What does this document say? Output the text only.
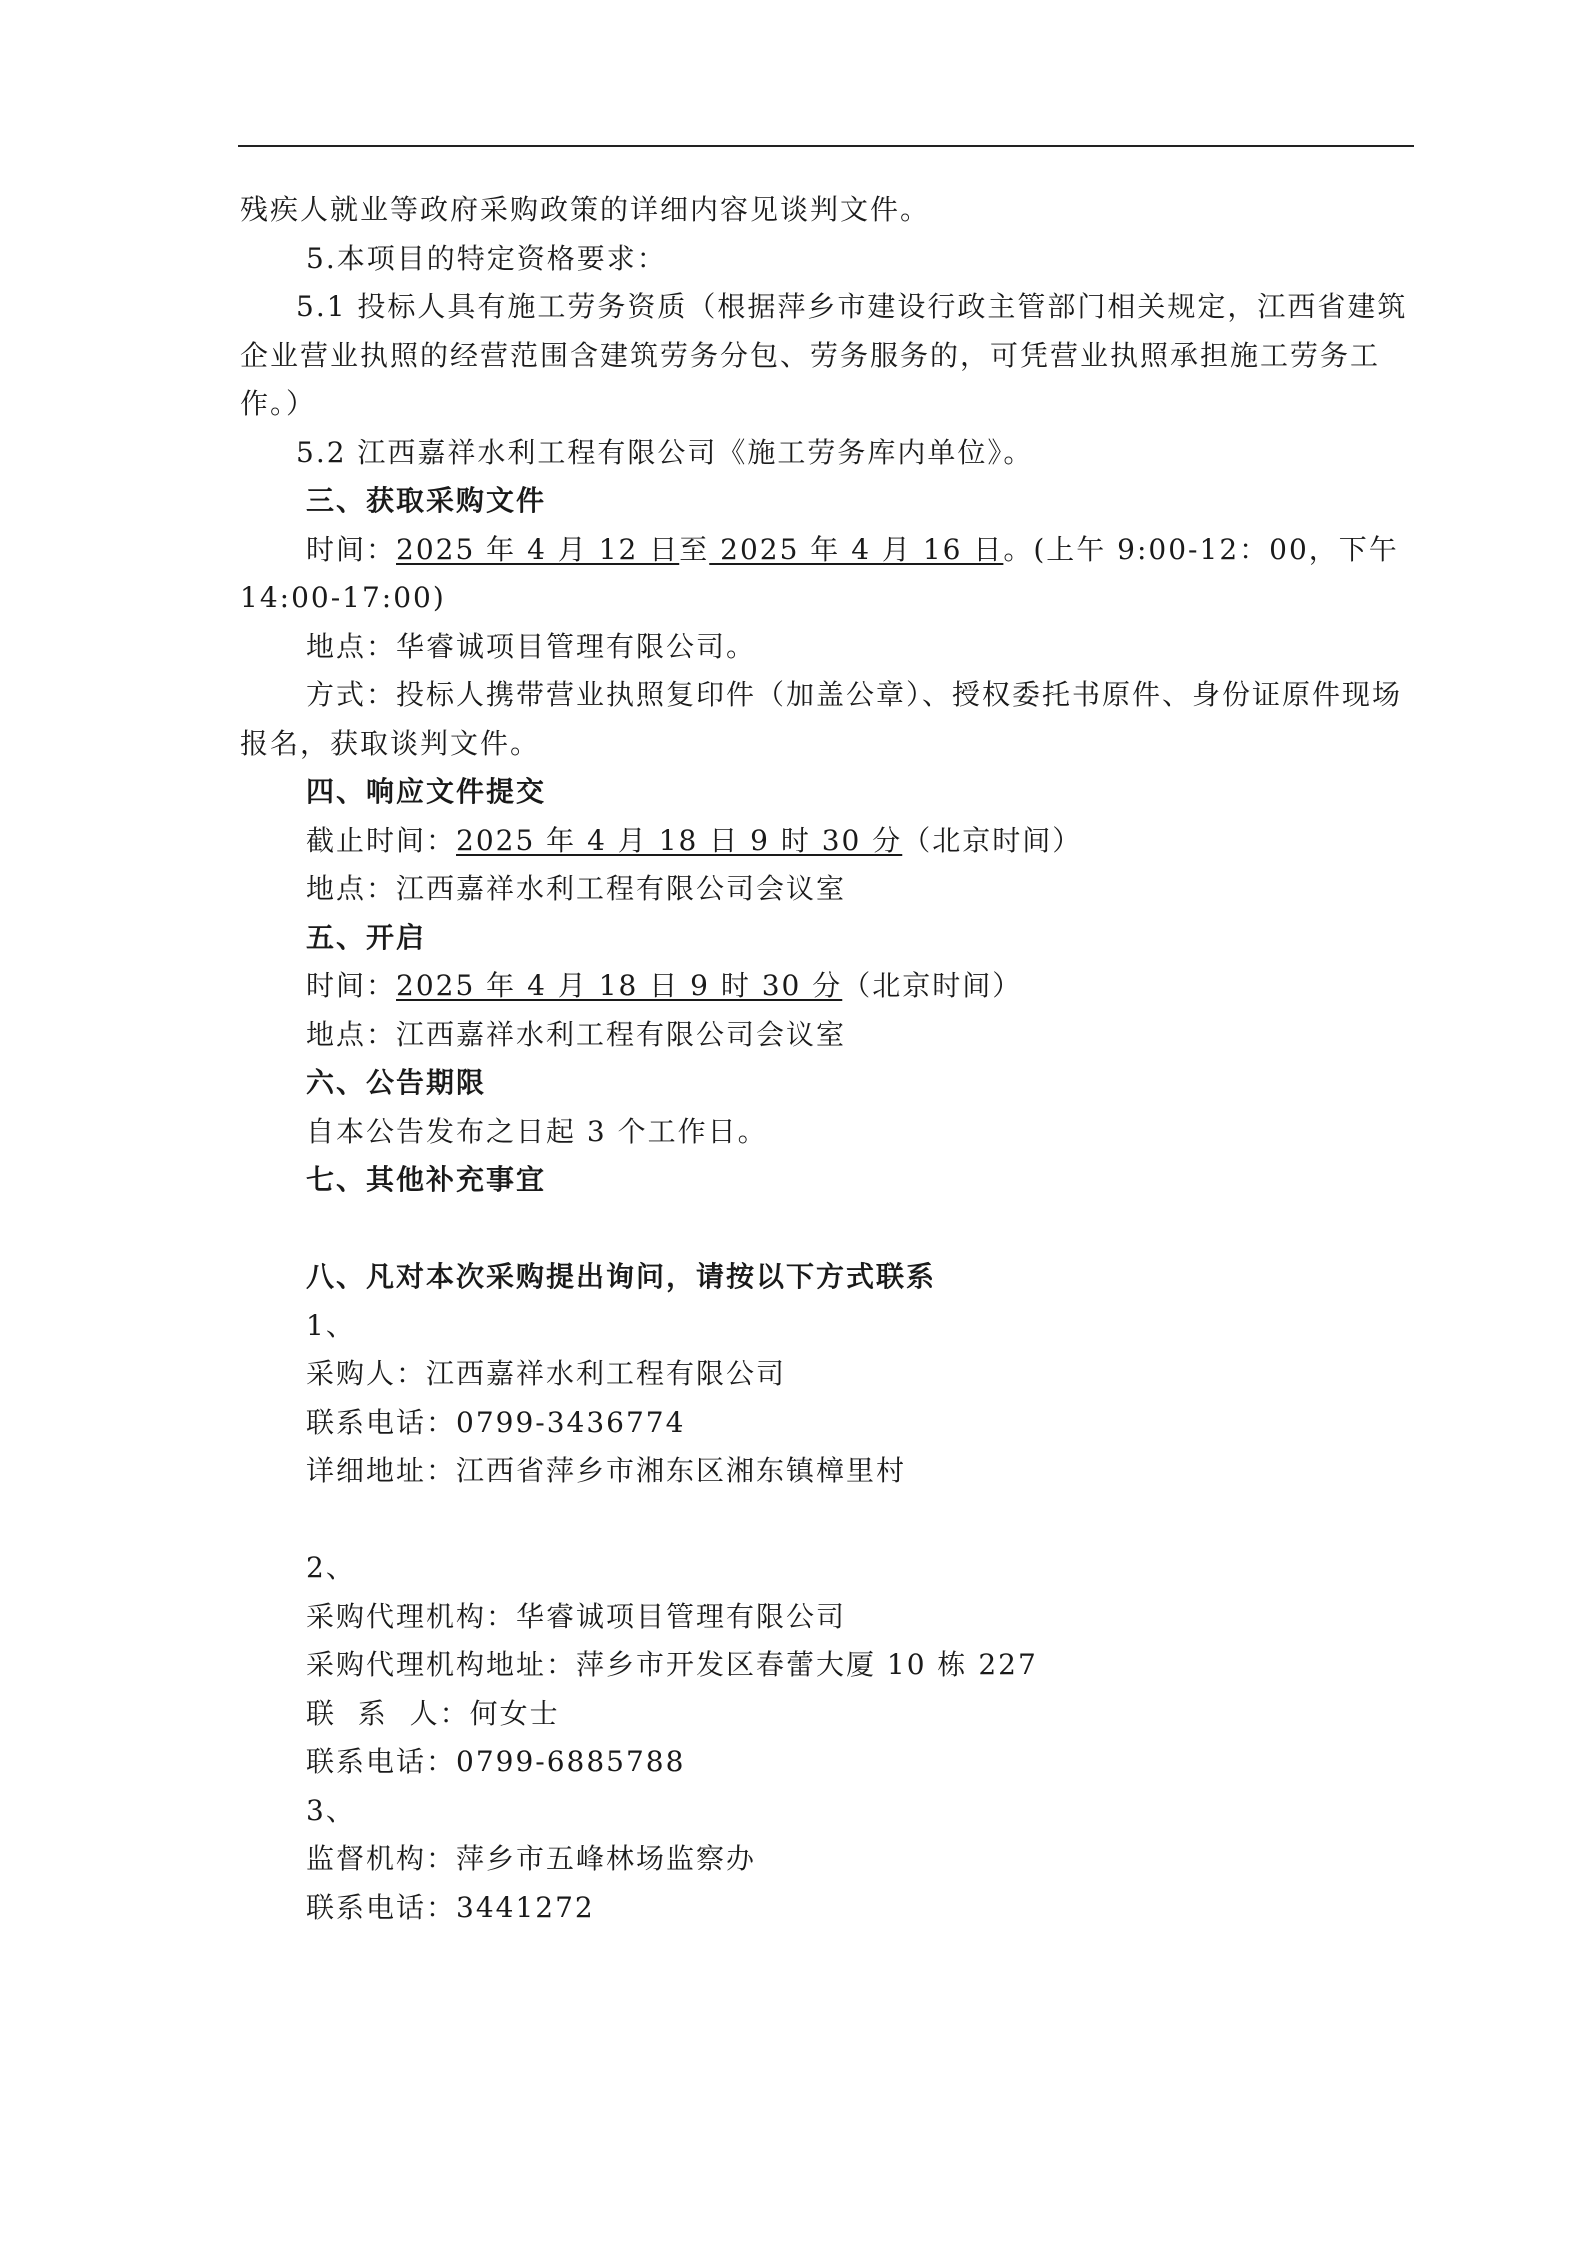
残疾人就业等政府采购政策的详细内容见谈判文件。

5.本项目的特定资格要求：

5.1 投标人具有施工劳务资质（根据萍乡市建设行政主管部门相关规定，江西省建筑企业营业执照的经营范围含建筑劳务分包、劳务服务的，可凭营业执照承担施工劳务工作。）

5.2 江西嘉祥水利工程有限公司《施工劳务库内单位》。

三、获取采购文件

时间：2025 年 4 月 12 日至 2025 年 4 月 16 日。(上午 9:00-12：00，下午 14:00-17:00)

地点：华睿诚项目管理有限公司。

方式：投标人携带营业执照复印件（加盖公章）、授权委托书原件、身份证原件现场报名，获取谈判文件。

四、响应文件提交

截止时间：2025 年 4 月 18 日 9 时 30 分（北京时间）

地点：江西嘉祥水利工程有限公司会议室

五、开启

时间：2025 年 4 月 18 日 9 时 30 分（北京时间）

地点：江西嘉祥水利工程有限公司会议室

六、公告期限

自本公告发布之日起 3 个工作日。

七、其他补充事宜

八、凡对本次采购提出询问，请按以下方式联系

1、

采购人：江西嘉祥水利工程有限公司

联系电话：0799-3436774

详细地址：江西省萍乡市湘东区湘东镇樟里村

2、

采购代理机构：华睿诚项目管理有限公司

采购代理机构地址：萍乡市开发区春蕾大厦 10 栋 227

联  系  人：何女士

联系电话：0799-6885788

3、

监督机构：萍乡市五峰林场监察办

联系电话：3441272
